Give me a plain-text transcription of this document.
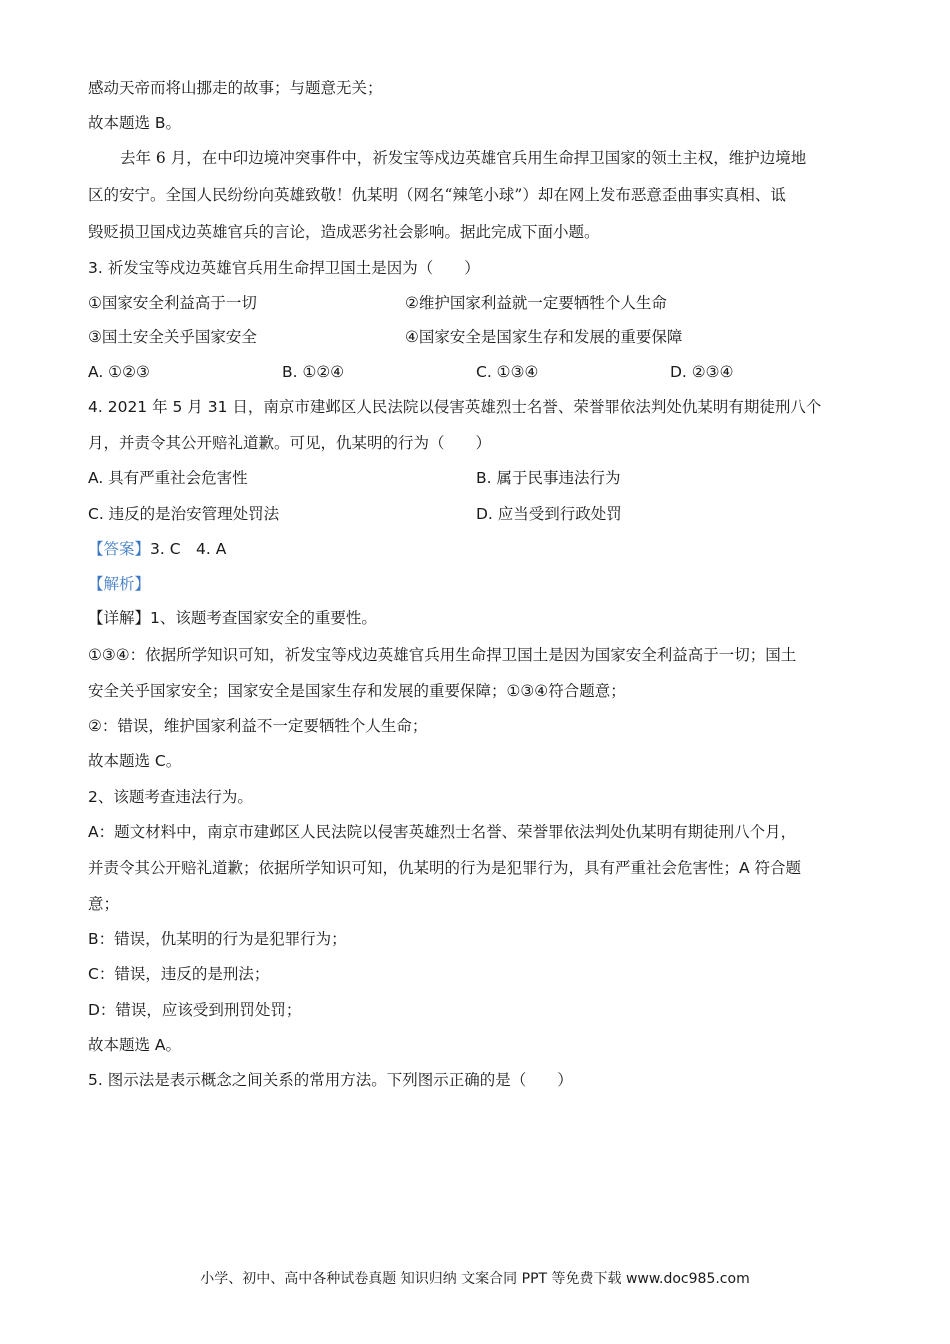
感动天帝而将山挪走的故事；与题意无关；
故本题选 B。
去年 6 月，在中印边境冲突事件中，祈发宝等戍边英雄官兵用生命捍卫国家的领土主权，维护边境地
区的安宁。全国人民纷纷向英雄致敬！仇某明（网名“辣笔小球”）却在网上发布恶意歪曲事实真相、诋
毁贬损卫国戍边英雄官兵的言论，造成恶劣社会影响。据此完成下面小题。
3. 祈发宝等戍边英雄官兵用生命捍卫国土是因为（　　）
①国家安全利益高于一切	②维护国家利益就一定要牺牲个人生命
③国土安全关乎国家安全	④国家安全是国家生存和发展的重要保障
A. ①②③	B. ①②④	C. ①③④	D. ②③④
4. 2021 年 5 月 31 日，南京市建邺区人民法院以侵害英雄烈士名誉、荣誉罪依法判处仇某明有期徒刑八个
月，并责令其公开赔礼道歉。可见，仇某明的行为（　　）
A. 具有严重社会危害性	B. 属于民事违法行为
C. 违反的是治安管理处罚法	D. 应当受到行政处罚
【答案】3. C　4. A
【解析】
【详解】1、该题考查国家安全的重要性。
①③④：依据所学知识可知，祈发宝等戍边英雄官兵用生命捍卫国土是因为国家安全利益高于一切；国土
安全关乎国家安全；国家安全是国家生存和发展的重要保障；①③④符合题意；
②：错误，维护国家利益不一定要牺牲个人生命；
故本题选 C。
2、该题考查违法行为。
A：题文材料中，南京市建邺区人民法院以侵害英雄烈士名誉、荣誉罪依法判处仇某明有期徒刑八个月，
并责令其公开赔礼道歉；依据所学知识可知，仇某明的行为是犯罪行为，具有严重社会危害性；A 符合题
意；
B：错误，仇某明的行为是犯罪行为；
C：错误，违反的是刑法；
D：错误，应该受到刑罚处罚；
故本题选 A。
5. 图示法是表示概念之间关系的常用方法。下列图示正确的是（　　）
小学、初中、高中各种试卷真题 知识归纳 文案合同 PPT 等免费下载 www.doc985.com
